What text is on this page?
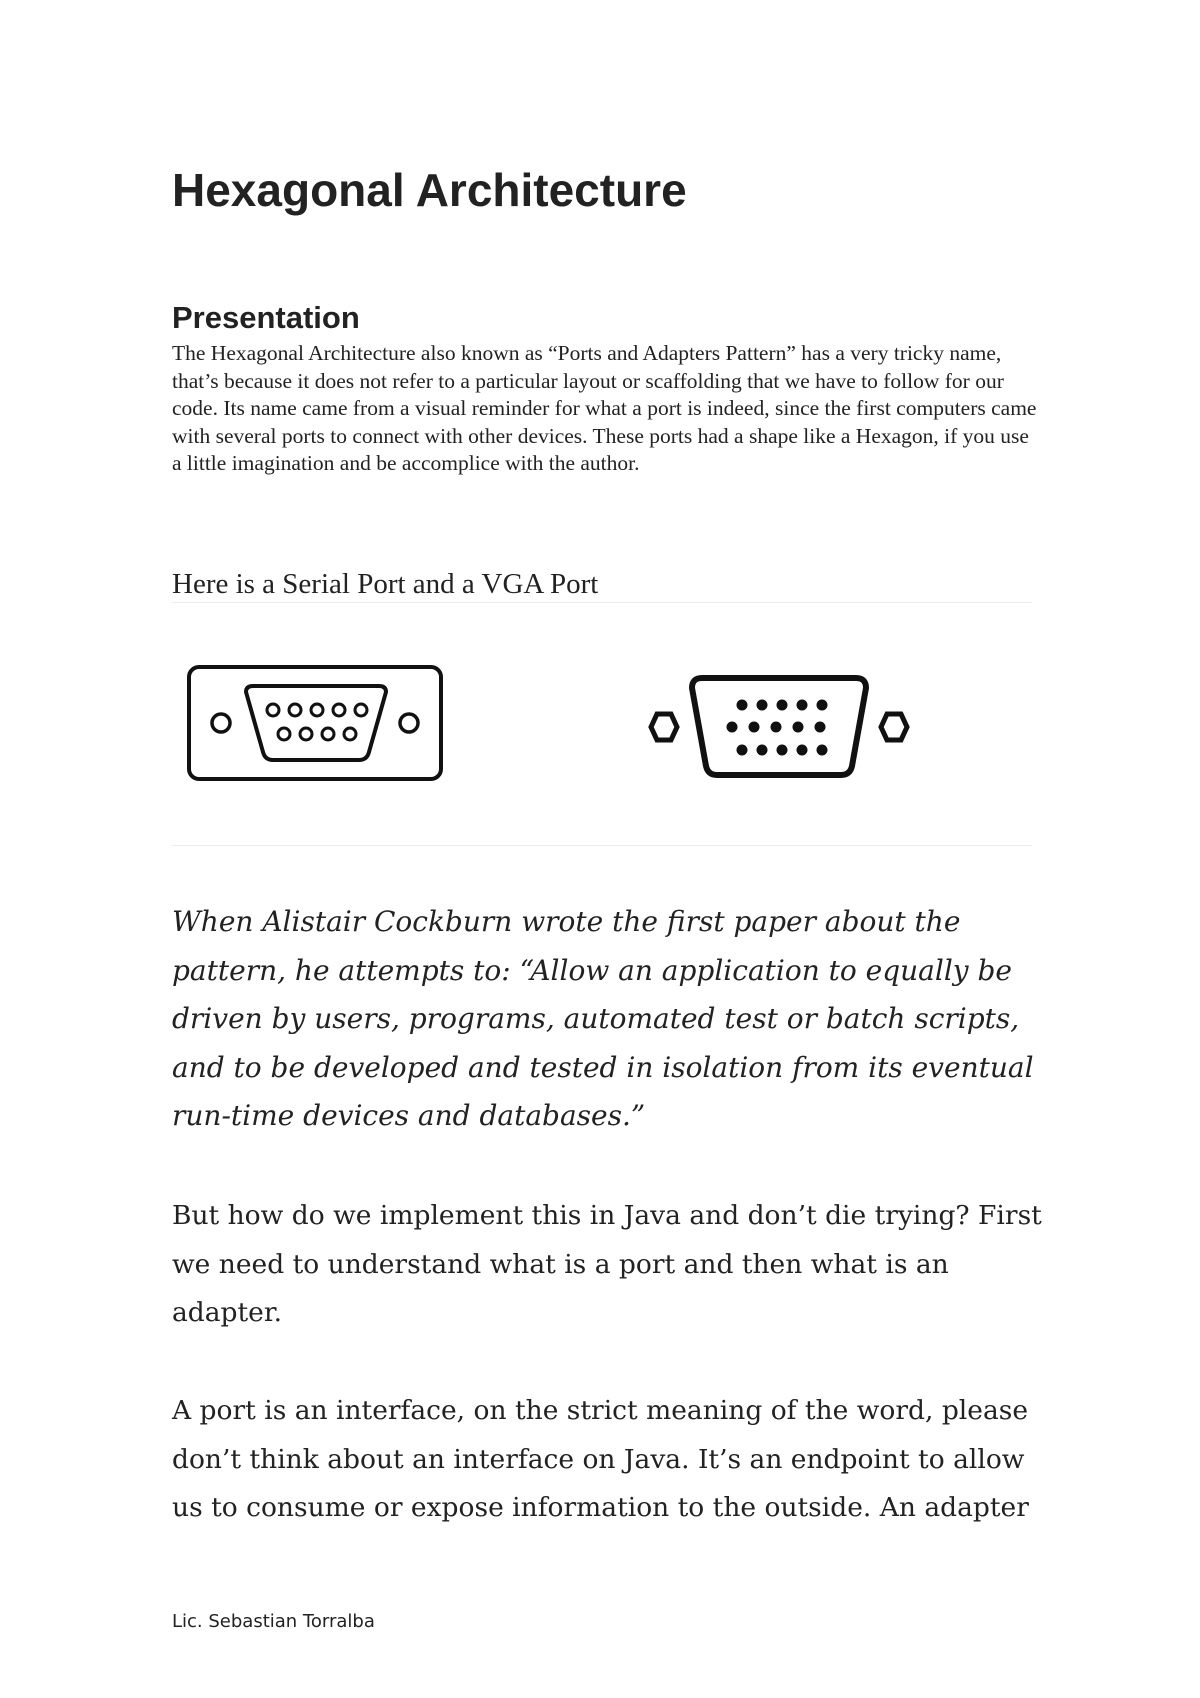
Hexagonal Architecture
Presentation

The Hexagonal Architecture also known as “Ports and Adapters Pattern” has a very tricky name, that’s because it does not refer to a particular layout or scaffolding that we have to follow for our code. Its name came from a visual reminder for what a port is indeed, since the first computers came with several ports to connect with other devices. These ports had a shape like a Hexagon, if you use a little imagination and be accomplice with the author.

Here is a Serial Port and a VGA Port

When Alistair Cockburn wrote the first paper about the pattern, he attempts to: “Allow an application to equally be driven by users, programs, automated test or batch scripts, and to be developed and tested in isolation from its eventual run-time devices and databases.”

But how do we implement this in Java and don’t die trying? First we need to understand what is a port and then what is an adapter.

A port is an interface, on the strict meaning of the word, please don’t think about an interface on Java. It’s an endpoint to allow us to consume or expose information to the outside. An adapter

Lic. Sebastian Torralba
